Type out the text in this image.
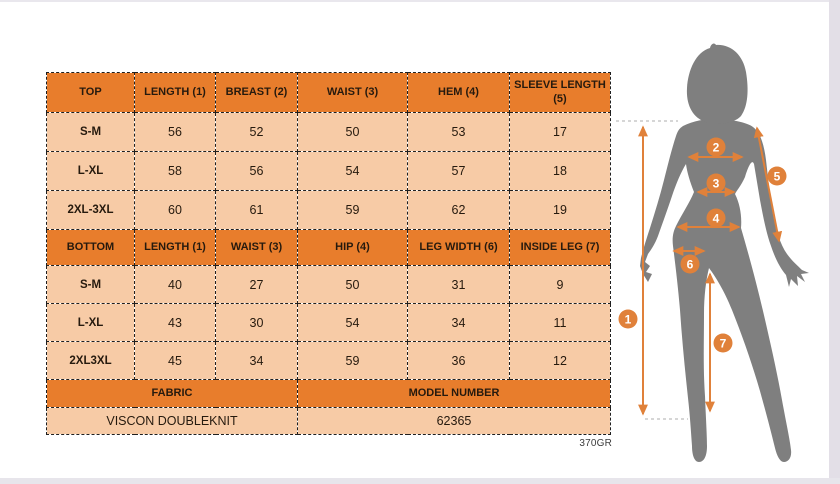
TOP	LENGTH (1)	BREAST (2)	WAIST (3)	HEM (4)	SLEEVE LENGTH (5)
S-M	56	52	50	53	17
L-XL	58	56	54	57	18
2XL-3XL	60	61	59	62	19
BOTTOM	LENGTH (1)	WAIST (3)	HIP (4)	LEG WIDTH (6)	INSIDE LEG (7)
S-M	40	27	50	31	9
L-XL	43	30	54	34	11
2XL3XL	45	34	59	36	12
FABRIC			MODEL NUMBER		
VISCON DOUBLEKNIT			62365		
370GR
1
2
3
4
5
6
7
